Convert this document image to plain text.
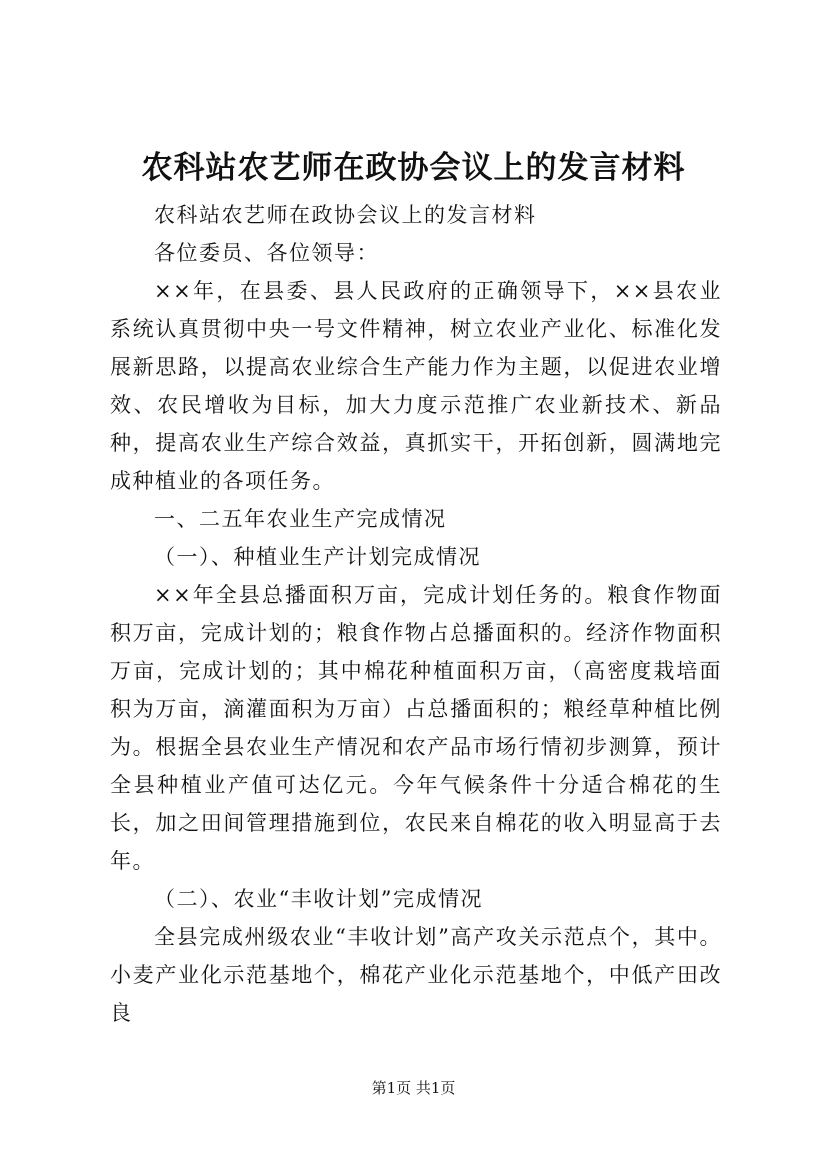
农科站农艺师在政协会议上的发言材料

农科站农艺师在政协会议上的发言材料

各位委员、各位领导：

××年，在县委、县人民政府的正确领导下，××县农业系统认真贯彻中央一号文件精神，树立农业产业化、标准化发展新思路，以提高农业综合生产能力作为主题，以促进农业增效、农民增收为目标，加大力度示范推广农业新技术、新品种，提高农业生产综合效益，真抓实干，开拓创新，圆满地完成种植业的各项任务。

一、二五年农业生产完成情况

（一）、种植业生产计划完成情况

××年全县总播面积万亩，完成计划任务的。粮食作物面积万亩，完成计划的；粮食作物占总播面积的。经济作物面积万亩，完成计划的；其中棉花种植面积万亩，（高密度栽培面积为万亩，滴灌面积为万亩）占总播面积的；粮经草种植比例为。根据全县农业生产情况和农产品市场行情初步测算，预计全县种植业产值可达亿元。今年气候条件十分适合棉花的生长，加之田间管理措施到位，农民来自棉花的收入明显高于去年。

（二）、农业“丰收计划”完成情况

全县完成州级农业“丰收计划”高产攻关示范点个，其中。小麦产业化示范基地个，棉花产业化示范基地个，中低产田改良

第1页 共1页
